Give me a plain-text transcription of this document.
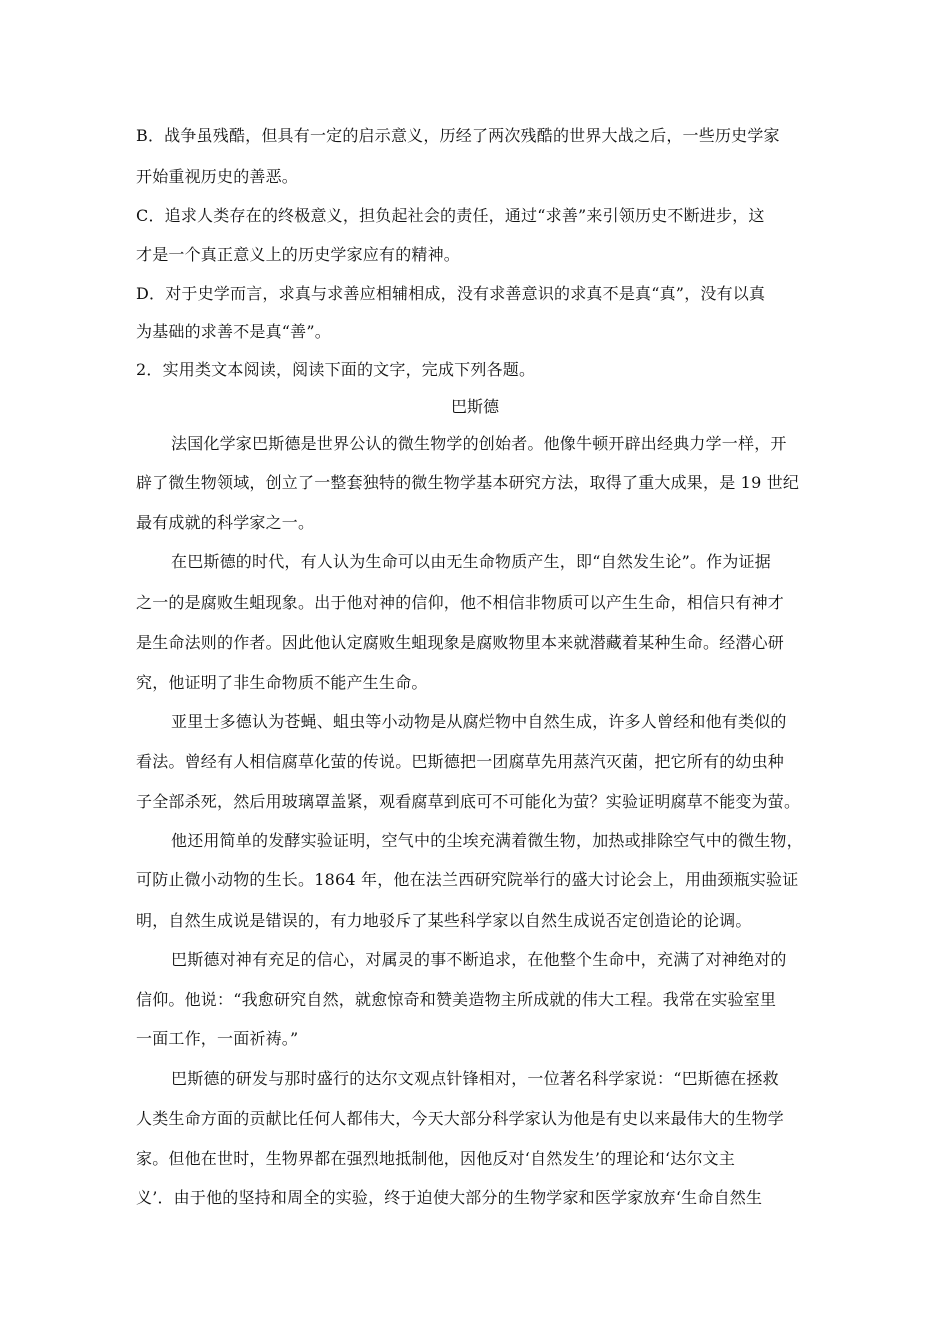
B．战争虽残酷，但具有一定的启示意义，历经了两次残酷的世界大战之后，一些历史学家
开始重视历史的善恶。
C．追求人类存在的终极意义，担负起社会的责任，通过“求善”来引领历史不断进步，这
才是一个真正意义上的历史学家应有的精神。
D．对于史学而言，求真与求善应相辅相成，没有求善意识的求真不是真“真”，没有以真
为基础的求善不是真“善”。
2．实用类文本阅读，阅读下面的文字，完成下列各题。
巴斯德
法国化学家巴斯德是世界公认的微生物学的创始者。他像牛顿开辟出经典力学一样，开
辟了微生物领域，创立了一整套独特的微生物学基本研究方法，取得了重大成果，是 19 世纪
最有成就的科学家之一。
在巴斯德的时代，有人认为生命可以由无生命物质产生，即“自然发生论”。作为证据
之一的是腐败生蛆现象。出于他对神的信仰，他不相信非物质可以产生生命，相信只有神才
是生命法则的作者。因此他认定腐败生蛆现象是腐败物里本来就潜藏着某种生命。经潜心研
究，他证明了非生命物质不能产生生命。
亚里士多德认为苍蝇、蛆虫等小动物是从腐烂物中自然生成，许多人曾经和他有类似的
看法。曾经有人相信腐草化萤的传说。巴斯德把一团腐草先用蒸汽灭菌，把它所有的幼虫种
子全部杀死，然后用玻璃罩盖紧，观看腐草到底可不可能化为萤？实验证明腐草不能变为萤。
他还用简单的发酵实验证明，空气中的尘埃充满着微生物，加热或排除空气中的微生物，
可防止微小动物的生长。1864 年，他在法兰西研究院举行的盛大讨论会上，用曲颈瓶实验证
明，自然生成说是错误的，有力地驳斥了某些科学家以自然生成说否定创造论的论调。
巴斯德对神有充足的信心，对属灵的事不断追求，在他整个生命中，充满了对神绝对的
信仰。他说：“我愈研究自然，就愈惊奇和赞美造物主所成就的伟大工程。我常在实验室里
一面工作，一面祈祷。”
巴斯德的研发与那时盛行的达尔文观点针锋相对，一位著名科学家说：“巴斯德在拯救
人类生命方面的贡献比任何人都伟大，今天大部分科学家认为他是有史以来最伟大的生物学
家。但他在世时，生物界都在强烈地抵制他，因他反对‘自然发生’的理论和‘达尔文主
义’．由于他的坚持和周全的实验，终于迫使大部分的生物学家和医学家放弃‘生命自然生
